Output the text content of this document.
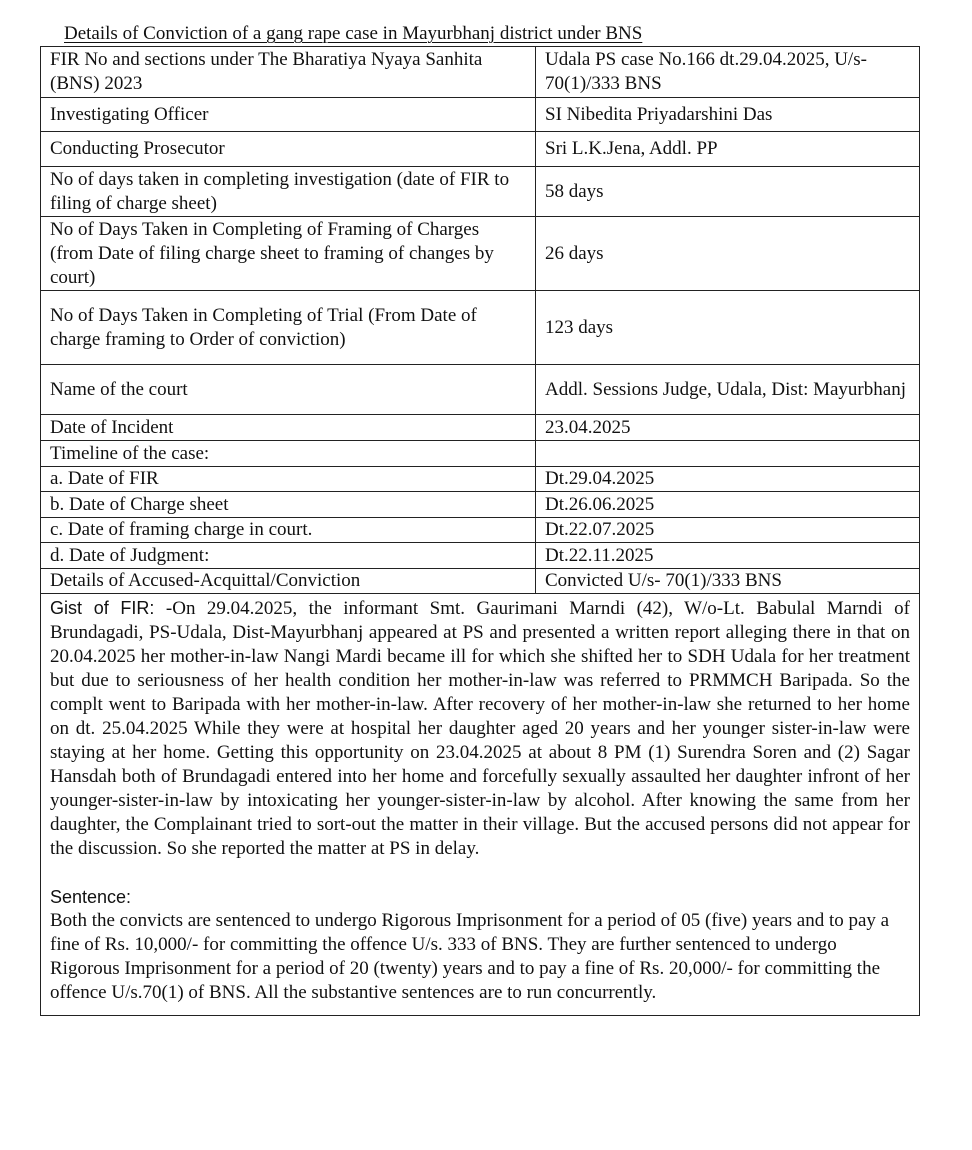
Details of Conviction of a gang rape case in Mayurbhanj district under BNS
FIR No and sections under The Bharatiya Nyaya Sanhita (BNS) 2023	Udala PS case No.166 dt.29.04.2025, U/s-70(1)/333 BNS
Investigating Officer	SI Nibedita Priyadarshini Das
Conducting Prosecutor	Sri L.K.Jena, Addl. PP
No of days taken in completing investigation (date of FIR to filing of charge sheet)	58 days
No of Days Taken in Completing of Framing of Charges (from Date of filing charge sheet to framing of changes by court)	26 days
No of Days Taken in Completing of Trial (From Date of charge framing to Order of conviction)	123 days
Name of the court	Addl. Sessions Judge, Udala, Dist: Mayurbhanj
Date of Incident	23.04.2025
Timeline of the case:	
a. Date of FIR	Dt.29.04.2025
b. Date of Charge sheet	Dt.26.06.2025
c. Date of framing charge in court.	Dt.22.07.2025
d. Date of Judgment:	Dt.22.11.2025
Details of Accused-Acquittal/Conviction	Convicted U/s- 70(1)/333 BNS

Gist of FIR: -On 29.04.2025, the informant Smt. Gaurimani Marndi (42), W/o-Lt. Babulal Marndi of Brundagadi, PS-Udala, Dist-Mayurbhanj appeared at PS and presented a written report alleging there in that on 20.04.2025 her mother-in-law Nangi Mardi became ill for which she shifted her to SDH Udala for her treatment but due to seriousness of her health condition her mother-in-law was referred to PRMMCH Baripada. So the complt went to Baripada with her mother-in-law. After recovery of her mother-in-law she returned to her home on dt. 25.04.2025 While they were at hospital her daughter aged 20 years and her younger sister-in-law were staying at her home. Getting this opportunity on 23.04.2025 at about 8 PM (1) Surendra Soren and (2) Sagar Hansdah both of Brundagadi entered into her home and forcefully sexually assaulted her daughter infront of her younger-sister-in-law by intoxicating her younger-sister-in-law by alcohol. After knowing the same from her daughter, the Complainant tried to sort-out the matter in their village. But the accused persons did not appear for the discussion. So she reported the matter at PS in delay.

Sentence:

Both the convicts are sentenced to undergo Rigorous Imprisonment for a period of 05 (five) years and to pay a fine of Rs. 10,000/- for committing the offence U/s. 333 of BNS. They are further sentenced to undergo Rigorous Imprisonment for a period of 20 (twenty) years and to pay a fine of Rs. 20,000/- for committing the offence U/s.70(1) of BNS. All the substantive sentences are to run concurrently.	
